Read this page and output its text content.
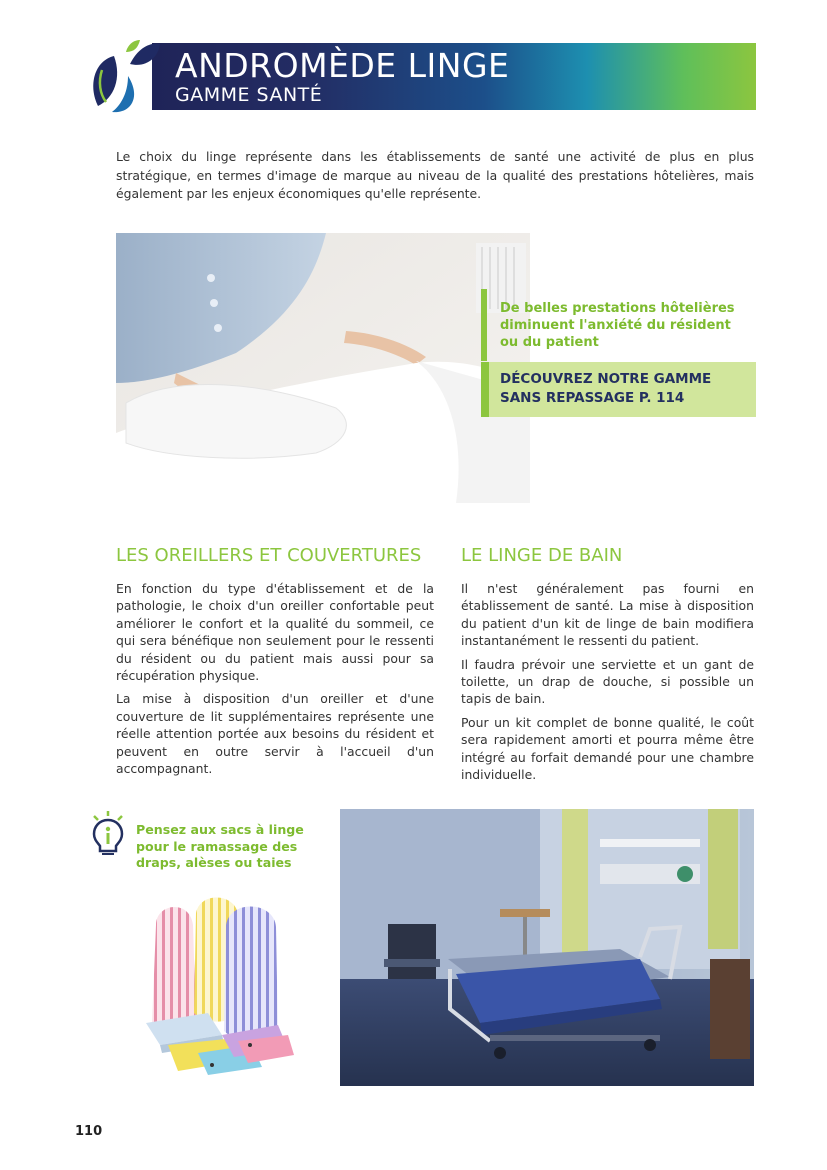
ANDROMÈDE LINGE
GAMME SANTÉ
Le choix du linge représente dans les établissements de santé une activité de plus en plus stratégique, en termes d'image de marque au niveau de la qualité des prestations hôtelières, mais également par les enjeux économiques qu'elle représente.
De belles prestations hôtelières diminuent l'anxiété du résident ou du patient
DÉCOUVREZ NOTRE GAMME SANS REPASSAGE P. 114
LES OREILLERS ET COUVERTURES LE LINGE DE BAIN

En fonction du type d'établissement et de la pathologie, le choix d'un oreiller confortable peut améliorer le confort et la qualité du sommeil, ce qui sera bénéfique non seulement pour le ressenti du résident ou du patient mais aussi pour sa récupération physique.

La mise à disposition d'un oreiller et d'une couverture de lit supplémentaires représente une réelle attention portée aux besoins du résident et peuvent en outre servir à l'accueil d'un accompagnant.

Il n'est généralement pas fourni en établissement de santé. La mise à disposition du patient d'un kit de linge de bain modifiera instantanément le ressenti du patient.

Il faudra prévoir une serviette et un gant de toilette, un drap de douche, si possible un tapis de bain.

Pour un kit complet de bonne qualité, le coût sera rapidement amorti et pourra même être intégré au forfait demandé pour une chambre individuelle.

Pensez aux sacs à linge pour le ramassage des draps, alèses ou taies
110
